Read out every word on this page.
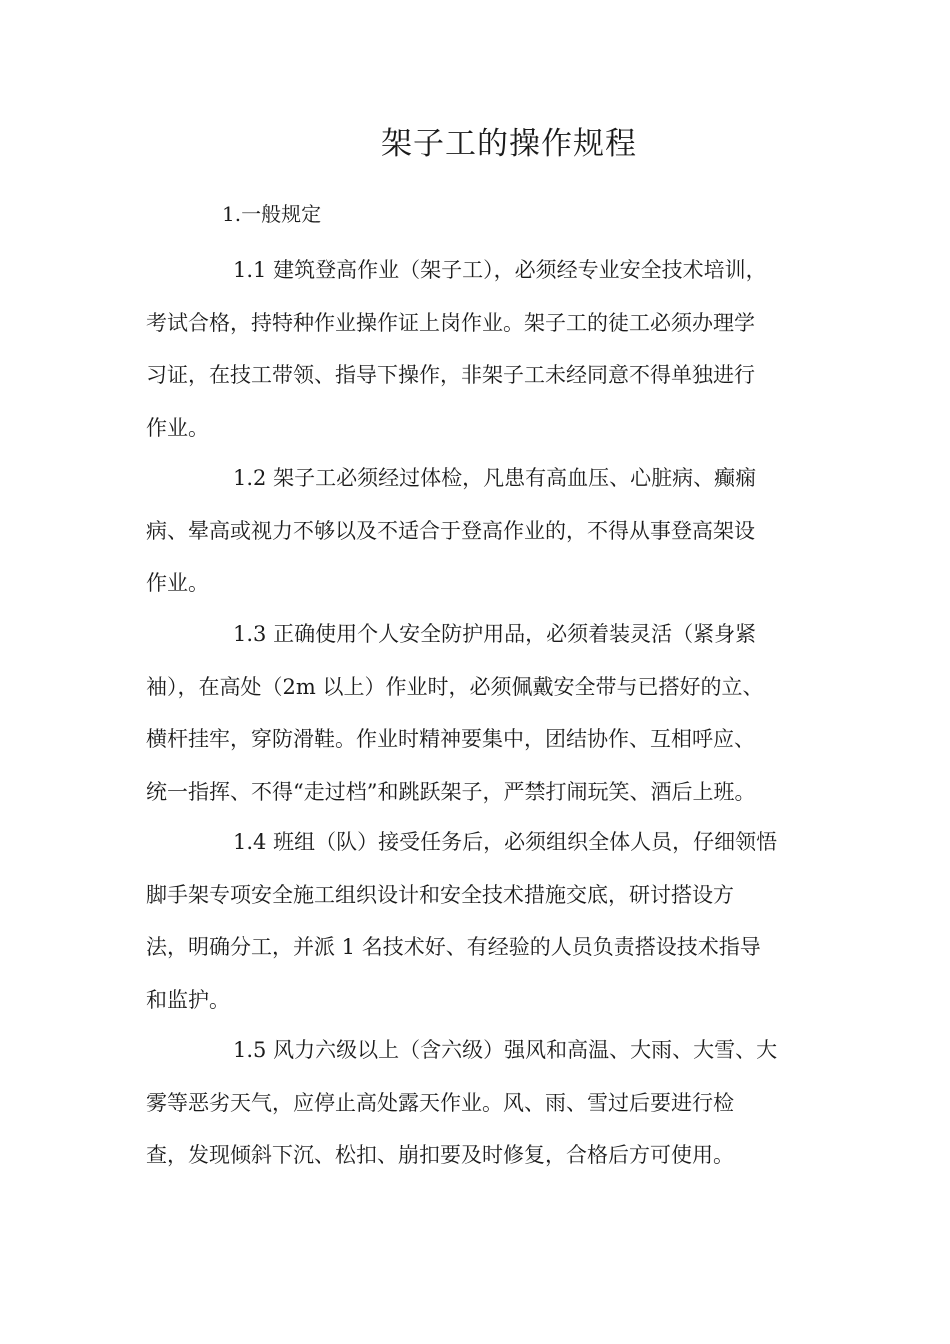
架子工的操作规程
1.一般规定
1.1 建筑登高作业（架子工），必须经专业安全技术培训，
考试合格，持特种作业操作证上岗作业。架子工的徒工必须办理学
习证，在技工带领、指导下操作，非架子工未经同意不得单独进行
作业。
1.2 架子工必须经过体检，凡患有高血压、心脏病、癫痫
病、晕高或视力不够以及不适合于登高作业的，不得从事登高架设
作业。
1.3 正确使用个人安全防护用品，必须着装灵活（紧身紧
袖），在高处（2m 以上）作业时，必须佩戴安全带与已搭好的立、
横杆挂牢，穿防滑鞋。作业时精神要集中，团结协作、互相呼应、
统一指挥、不得“走过档”和跳跃架子，严禁打闹玩笑、酒后上班。
1.4 班组（队）接受任务后，必须组织全体人员，仔细领悟
脚手架专项安全施工组织设计和安全技术措施交底，研讨搭设方
法，明确分工，并派 1 名技术好、有经验的人员负责搭设技术指导
和监护。
1.5 风力六级以上（含六级）强风和高温、大雨、大雪、大
雾等恶劣天气，应停止高处露天作业。风、雨、雪过后要进行检
查，发现倾斜下沉、松扣、崩扣要及时修复，合格后方可使用。
